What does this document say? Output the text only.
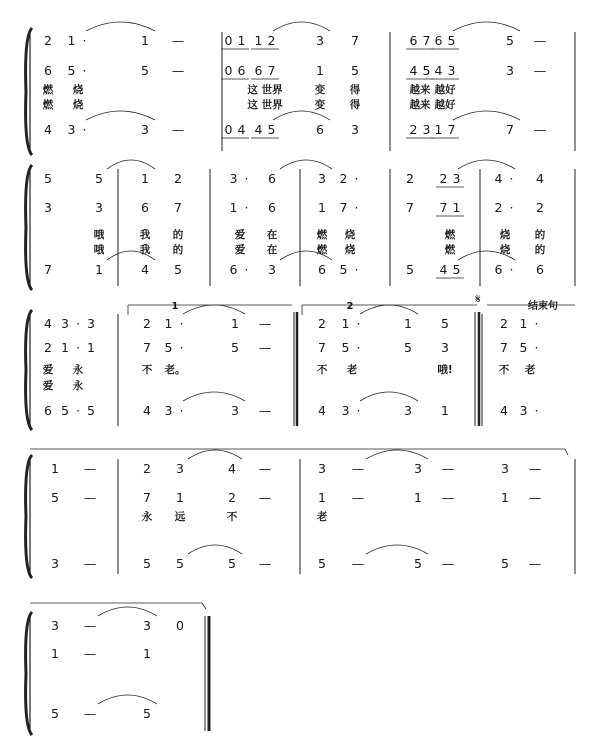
2 1 ·	1 —
6 5 ·	5 —
4 3 ·	3 —
燃 烧
燃 烧
0 1 1 2	3 7
0 6 6 7	1 5
0 4 4 5	6 3
这 世界	变 得
这 世界	变 得
6 7 6 5	5 —
4 5 4 3	3 —
2 3 1 7	7 —
越来 越好
越来 越好
5	5	1 2
3	3	6 7
7	1	4 5
哦	我 的
哦	我 的
3 · 6	3 2 ·
1 · 6	1 7 ·
6 · 3	6 5 ·
爱 在	燃 烧
爱 在	燃 烧
2 2 3	4 · 4
7 7 1	2 · 2
5 4 5	6 · 6
燃	烧 的
燃	烧 的
4 3 · 3
2 1 · 1
6 5 · 5
爱 永
爱 永
2 1 ·	1 —
7 5 ·	5 —
4 3 ·	3 —
不 老。
2 1 ·	1 5
7 5 ·	5 3
4 3 ·	3 1
不 老	哦!
2 1 ·
7 5 ·
4 3 ·
不 老
1 —
5 —
3 —
2 3	4 —
7 1	2 —
5 5	5 —
永 远	不
3 —	3 —	3 —
1 —	1 —	1 —
5 —	5 —	5 —
老
3 —	3 0
1 —	1
5 —	5
1	2
𝄋
结束句
